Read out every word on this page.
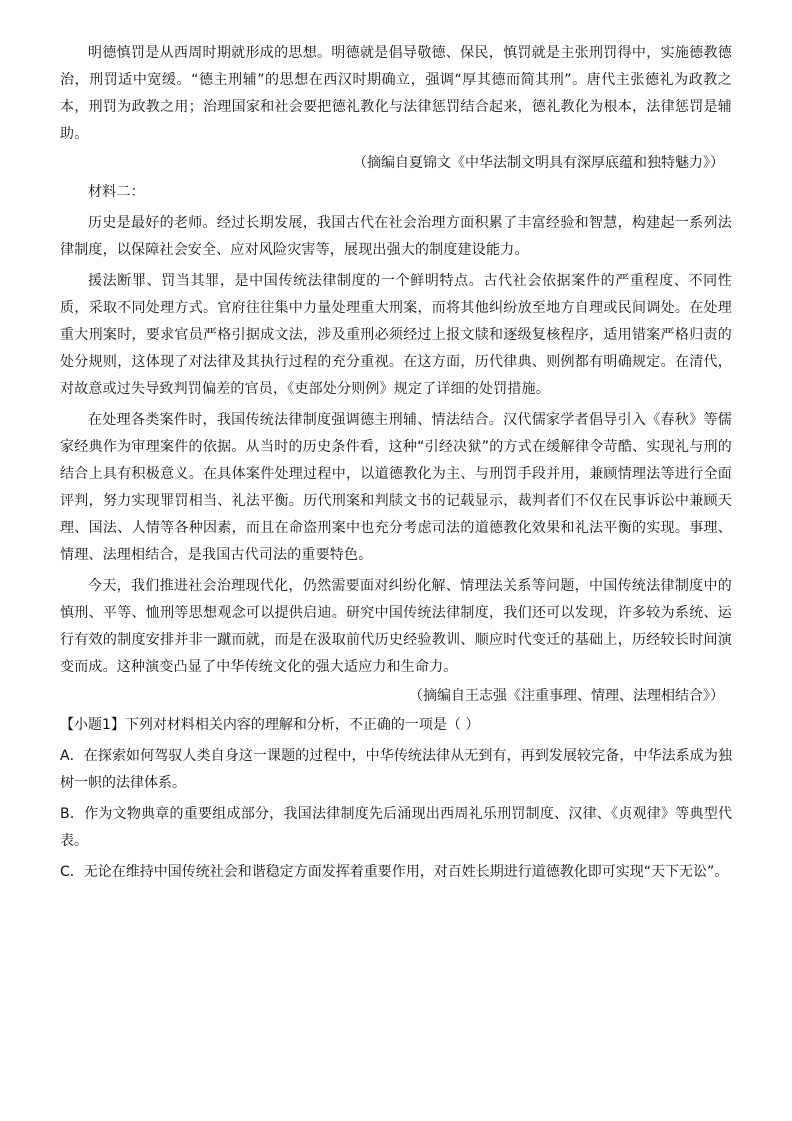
明德慎罚是从西周时期就形成的思想。明德就是倡导敬德、保民，慎罚就是主张刑罚得中，实施德教德治，刑罚适中宽缓。“德主刑辅”的思想在西汉时期确立，强调“厚其德而简其刑”。唐代主张德礼为政教之本，刑罚为政教之用；治理国家和社会要把德礼教化与法律惩罚结合起来，德礼教化为根本，法律惩罚是辅助。

（摘编自夏锦文《中华法制文明具有深厚底蕴和独特魅力》）

材料二：

历史是最好的老师。经过长期发展，我国古代在社会治理方面积累了丰富经验和智慧，构建起一系列法律制度，以保障社会安全、应对风险灾害等，展现出强大的制度建设能力。

援法断罪、罚当其罪，是中国传统法律制度的一个鲜明特点。古代社会依据案件的严重程度、不同性质，采取不同处理方式。官府往往集中力量处理重大刑案，而将其他纠纷放至地方自理或民间调处。在处理重大刑案时，要求官员严格引据成文法，涉及重刑必须经过上报文牍和逐级复核程序，适用错案严格归责的处分规则，这体现了对法律及其执行过程的充分重视。在这方面，历代律典、则例都有明确规定。在清代，对故意或过失导致判罚偏差的官员，《吏部处分则例》规定了详细的处罚措施。

在处理各类案件时，我国传统法律制度强调德主刑辅、情法结合。汉代儒家学者倡导引入《春秋》等儒家经典作为审理案件的依据。从当时的历史条件看，这种“引经决狱”的方式在缓解律令苛酷、实现礼与刑的结合上具有积极意义。在具体案件处理过程中，以道德教化为主、与刑罚手段并用，兼顾情理法等进行全面评判，努力实现罪罚相当、礼法平衡。历代刑案和判牍文书的记载显示，裁判者们不仅在民事诉讼中兼顾天理、国法、人情等各种因素，而且在命盗刑案中也充分考虑司法的道德教化效果和礼法平衡的实现。事理、情理、法理相结合，是我国古代司法的重要特色。

今天，我们推进社会治理现代化，仍然需要面对纠纷化解、情理法关系等问题，中国传统法律制度中的慎刑、平等、恤刑等思想观念可以提供启迪。研究中国传统法律制度，我们还可以发现，许多较为系统、运行有效的制度安排并非一蹴而就，而是在汲取前代历史经验教训、顺应时代变迁的基础上，历经较长时间演变而成。这种演变凸显了中华传统文化的强大适应力和生命力。

（摘编自王志强《注重事理、情理、法理相结合》）

【小题1】下列对材料相关内容的理解和分析，不正确的一项是（ ）

A．在探索如何驾驭人类自身这一课题的过程中，中华传统法律从无到有，再到发展较完备，中华法系成为独树一帜的法律体系。

B．作为文物典章的重要组成部分，我国法律制度先后涌现出西周礼乐刑罚制度、汉律、《贞观律》等典型代表。

C．无论在维持中国传统社会和谐稳定方面发挥着重要作用，对百姓长期进行道德教化即可实现“天下无讼”。
